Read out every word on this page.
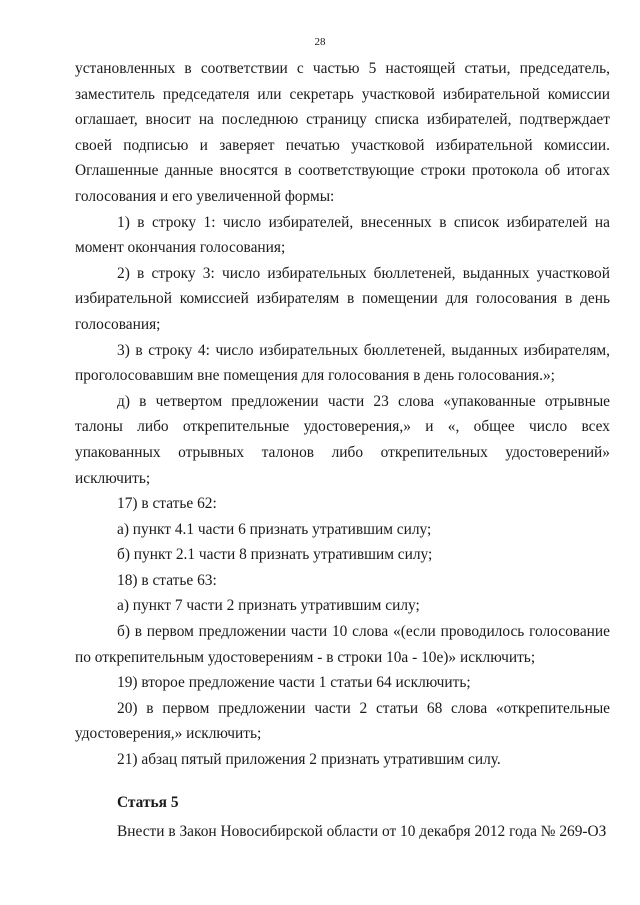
28

установленных в соответствии с частью 5 настоящей статьи, председатель, заместитель председателя или секретарь участковой избирательной комиссии оглашает, вносит на последнюю страницу списка избирателей, подтверждает своей подписью и заверяет печатью участковой избирательной комиссии. Оглашенные данные вносятся в соответствующие строки протокола об итогах голосования и его увеличенной формы:

1) в строку 1: число избирателей, внесенных в список избирателей на момент окончания голосования;

2) в строку 3: число избирательных бюллетеней, выданных участковой избирательной комиссией избирателям в помещении для голосования в день голосования;

3) в строку 4: число избирательных бюллетеней, выданных избирателям, проголосовавшим вне помещения для голосования в день голосования.»;

д) в четвертом предложении части 23 слова «упакованные отрывные талоны либо открепительные удостоверения,» и «, общее число всех упакованных отрывных талонов либо открепительных удостоверений» исключить;

17) в статье 62:

а) пункт 4.1 части 6 признать утратившим силу;

б) пункт 2.1 части 8 признать утратившим силу;

18) в статье 63:

а) пункт 7 части 2 признать утратившим силу;

б) в первом предложении части 10 слова «(если проводилось голосование по открепительным удостоверениям - в строки 10а - 10е)» исключить;

19) второе предложение части 1 статьи 64 исключить;

20) в первом предложении части 2 статьи 68 слова «открепительные удостоверения,» исключить;

21) абзац пятый приложения 2 признать утратившим силу.

Статья 5
Внести в Закон Новосибирской области от 10 декабря 2012 года № 269-ОЗ
